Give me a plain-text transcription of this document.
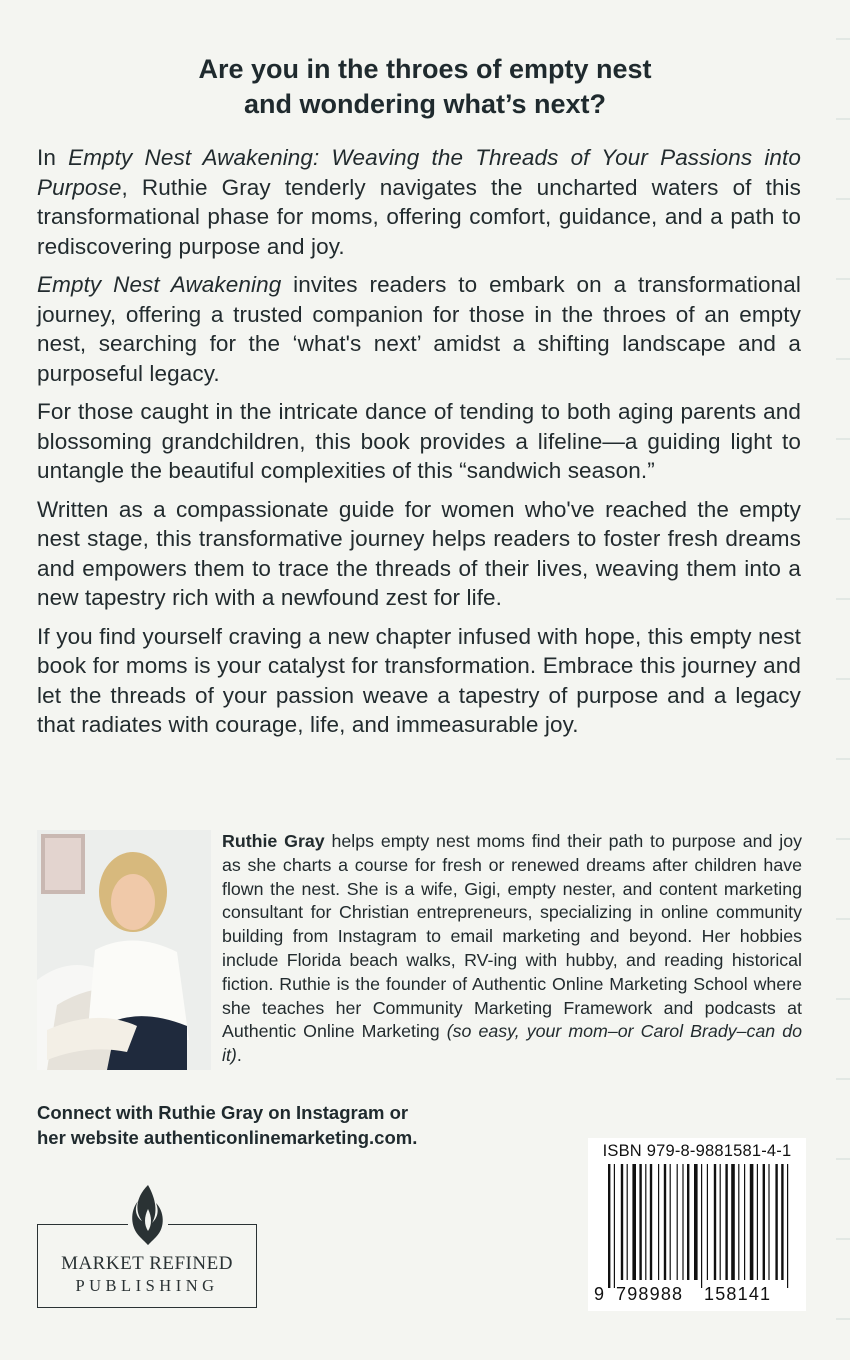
Are you in the throes of empty nest
and wondering what’s next?

In Empty Nest Awakening: Weaving the Threads of Your Passions into Purpose, Ruthie Gray tenderly navigates the uncharted waters of this transformational phase for moms, offering comfort, guidance, and a path to rediscovering purpose and joy.

Empty Nest Awakening invites readers to embark on a transformational journey, offering a trusted companion for those in the throes of an empty nest, searching for the ‘what's next’ amidst a shifting landscape and a purposeful legacy.

For those caught in the intricate dance of tending to both aging parents and blossoming grandchildren, this book provides a lifeline—a guiding light to untangle the beautiful complexities of this “sandwich season.”

Written as a compassionate guide for women who've reached the empty nest stage, this transformative journey helps readers to foster fresh dreams and empowers them to trace the threads of their lives, weaving them into a new tapestry rich with a newfound zest for life.

If you find yourself craving a new chapter infused with hope, this empty nest book for moms is your catalyst for transformation. Embrace this journey and let the threads of your passion weave a tapestry of purpose and a legacy that radiates with courage, life, and immeasurable joy.

Ruthie Gray helps empty nest moms find their path to purpose and joy as she charts a course for fresh or renewed dreams after children have flown the nest. She is a wife, Gigi, empty nester, and content marketing consultant for Christian entrepreneurs, specializing in online community building from Instagram to email marketing and beyond. Her hobbies include Florida beach walks, RV-ing with hubby, and reading historical fiction. Ruthie is the founder of Authentic Online Marketing School where she teaches her Community Marketing Framework and podcasts at Authentic Online Marketing (so easy, your mom–or Carol Brady–can do it).

Connect with Ruthie Gray on Instagram or
her website authenticonlinemarketing.com.

MARKET REFINED
PUBLISHING
ISBN 979-8-9881581-4-1
9 798988 158141
